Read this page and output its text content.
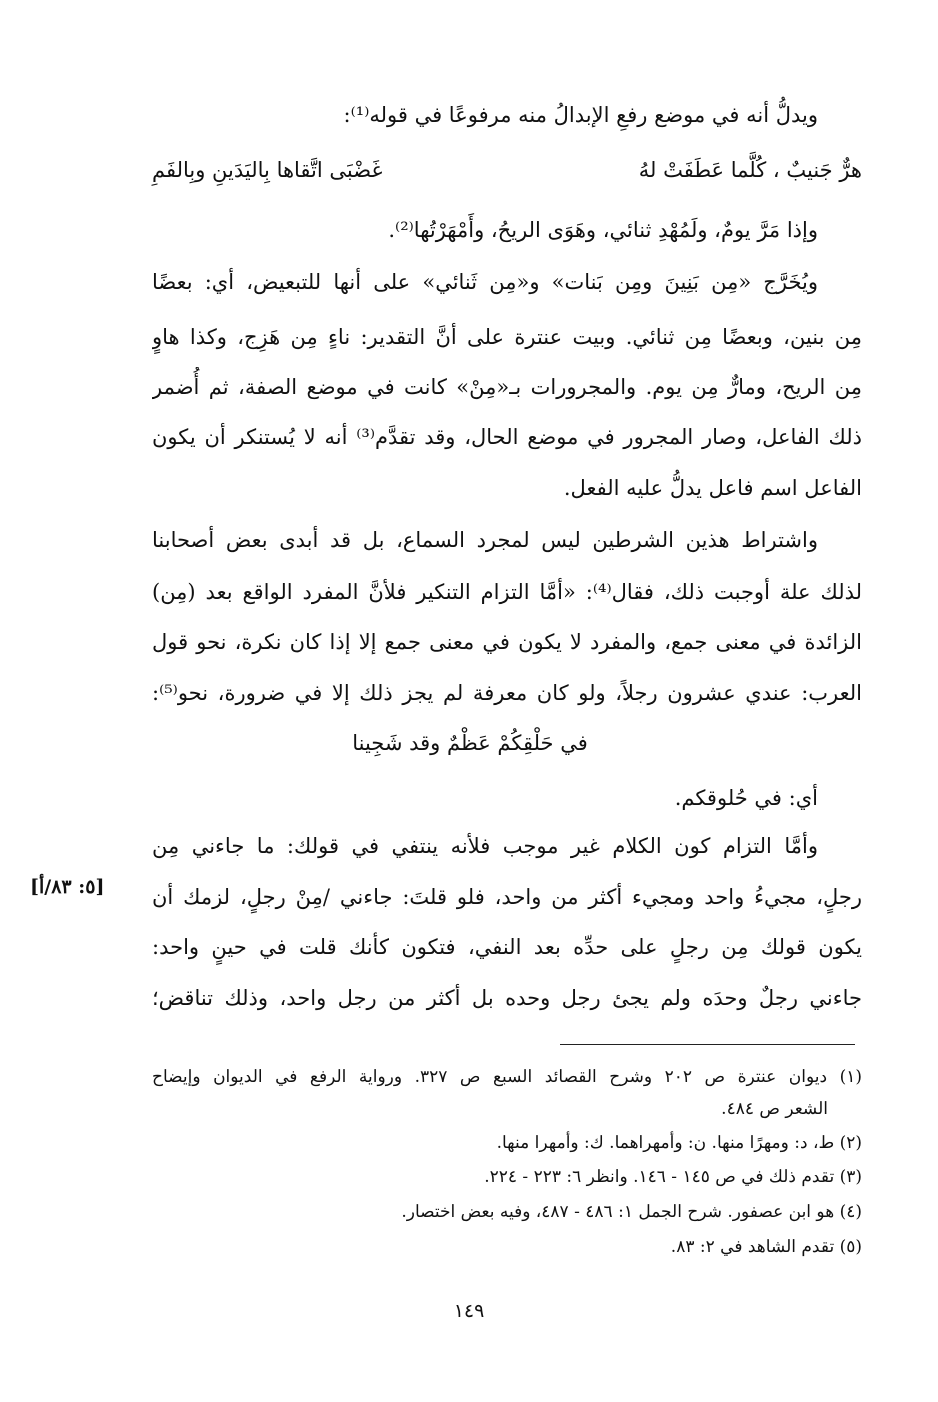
ويدلُّ أنه في موضع رفعِ الإبدالُ منه مرفوعًا في قوله⁽¹⁾:
هرٌّ جَنيبٌ ، كُلَّما عَطَفَتْ لهُ
غَضْبَى اتَّقاها بِاليَدَينِ وبِالفَمِ
وإذا مَرَّ يومٌ، ولَمُهْدِ ثنائي، وهَوَى الريحُ، وأَمْهَرْتُها⁽²⁾.
ويُخَرَّج «مِن بَنِينَ ومِن بَنات» و«مِن ثَنائي» على أنها للتبعيض، أي: بعضًا
مِن بنين، وبعضًا مِن ثنائي. وبيت عنترة على أنَّ التقدير: ناءٍ مِن هَزِج، وكذا هاوٍ
مِن الريح، ومارٌّ مِن يوم. والمجرورات بـ«مِنْ» كانت في موضع الصفة، ثم أُضمر
ذلك الفاعل، وصار المجرور في موضع الحال، وقد تقدَّم⁽³⁾ أنه لا يُستنكر أن يكون
الفاعل اسم فاعل يدلُّ عليه الفعل.
واشتراط هذين الشرطين ليس لمجرد السماع، بل قد أبدى بعض أصحابنا
لذلك علة أوجبت ذلك، فقال⁽⁴⁾: «أمَّا التزام التنكير فلأنَّ المفرد الواقع بعد (مِن)
الزائدة في معنى جمع، والمفرد لا يكون في معنى جمع إلا إذا كان نكرة، نحو قول
العرب: عندي عشرون رجلاً، ولو كان معرفة لم يجز ذلك إلا في ضرورة، نحو⁽⁵⁾:
في حَلْقِكُمْ عَظْمٌ وقد شَجِينا
أي: في حُلوقكم.
وأمَّا التزام كون الكلام غير موجب فلأنه ينتفي في قولك: ما جاءني مِن
رجلٍ، مجيءُ واحد ومجيء أكثر من واحد، فلو قلتَ: جاءني /مِنْ رجلٍ، لزمك أن
يكون قولك مِن رجلٍ على حدِّه بعد النفي، فتكون كأنك قلت في حينٍ واحد:
جاءني رجلٌ وحدَه ولم يجئ رجل وحده بل أكثر من رجل واحد، وذلك تناقض؛
[٥: ٨٣/أ]
(١) ديوان عنترة ص ٢٠٢ وشرح القصائد السبع ص ٣٢٧. ورواية الرفع في الديوان وإيضاح
الشعر ص ٤٨٤.
(٢) ط، د: ومهرًا منها. ن: وأمهراهما. ك: وأمهرا منها.
(٣) تقدم ذلك في ص ١٤٥ - ١٤٦. وانظر ٦: ٢٢٣ - ٢٢٤.
(٤) هو ابن عصفور. شرح الجمل ١: ٤٨٦ - ٤٨٧، وفيه بعض اختصار.
(٥) تقدم الشاهد في ٢: ٨٣.
١٤٩
